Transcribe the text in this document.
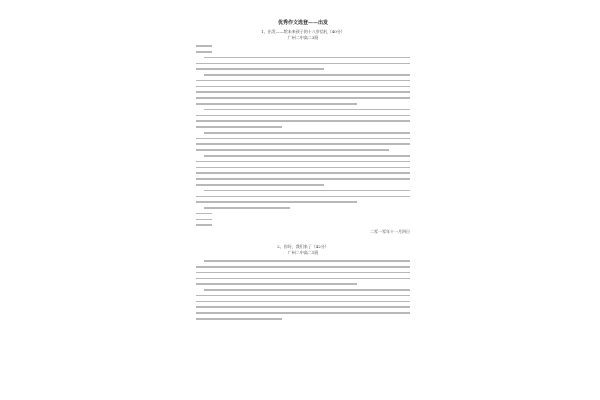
优秀作文选登——出发
1、出发——给未来孩子的十八岁信札（40分）
广州二中高二3班
二零一零年十一月四日
2、你好，我们来了（42分）
广州二中高二1班
